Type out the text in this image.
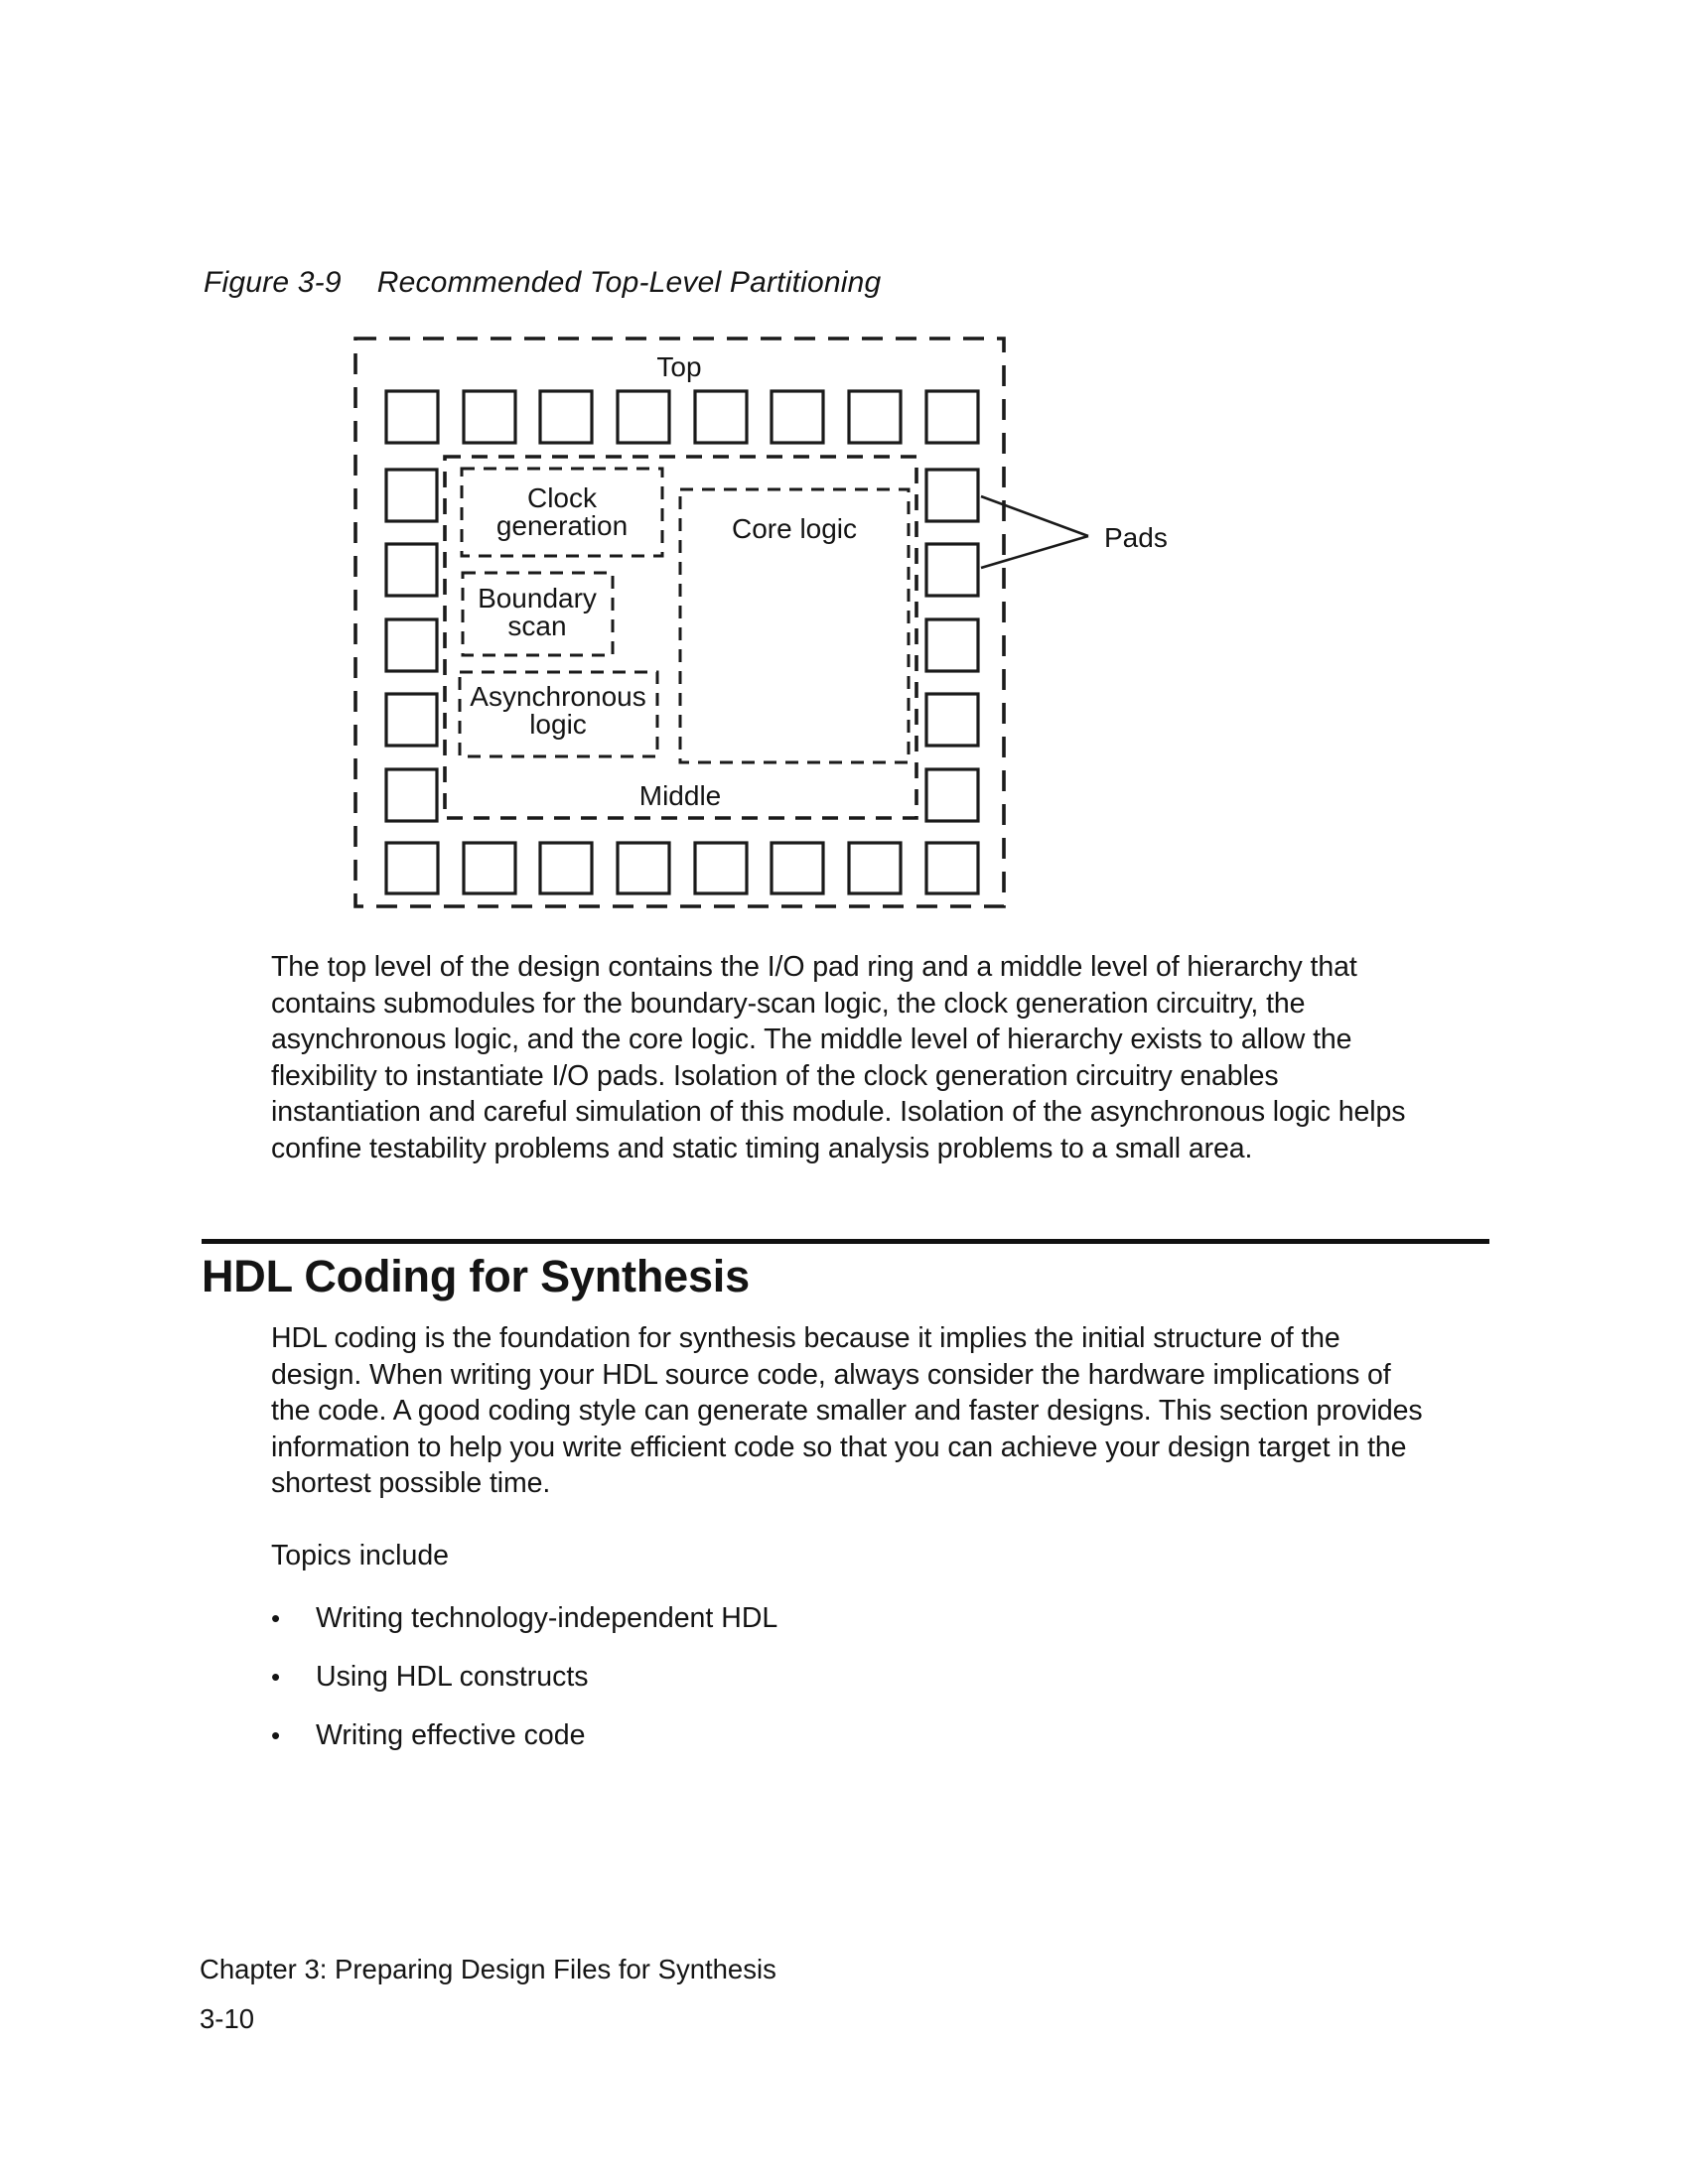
Figure 3-9 Recommended Top-Level Partitioning
Top
Middle
Clock
generation
Boundary
scan
Asynchronous
logic
Core logic	Pads
The top level of the design contains the I/O pad ring and a middle level of hierarchy that
contains submodules for the boundary-scan logic, the clock generation circuitry, the
asynchronous logic, and the core logic. The middle level of hierarchy exists to allow the
flexibility to instantiate I/O pads. Isolation of the clock generation circuitry enables
instantiation and careful simulation of this module. Isolation of the asynchronous logic helps
confine testability problems and static timing analysis problems to a small area.
HDL Coding for Synthesis
HDL coding is the foundation for synthesis because it implies the initial structure of the
design. When writing your HDL source code, always consider the hardware implications of
the code. A good coding style can generate smaller and faster designs. This section provides
information to help you write efficient code so that you can achieve your design target in the
shortest possible time.
Topics include
•	Writing technology-independent HDL
•	Using HDL constructs
•	Writing effective code
Chapter 3: Preparing Design Files for Synthesis
3-10
